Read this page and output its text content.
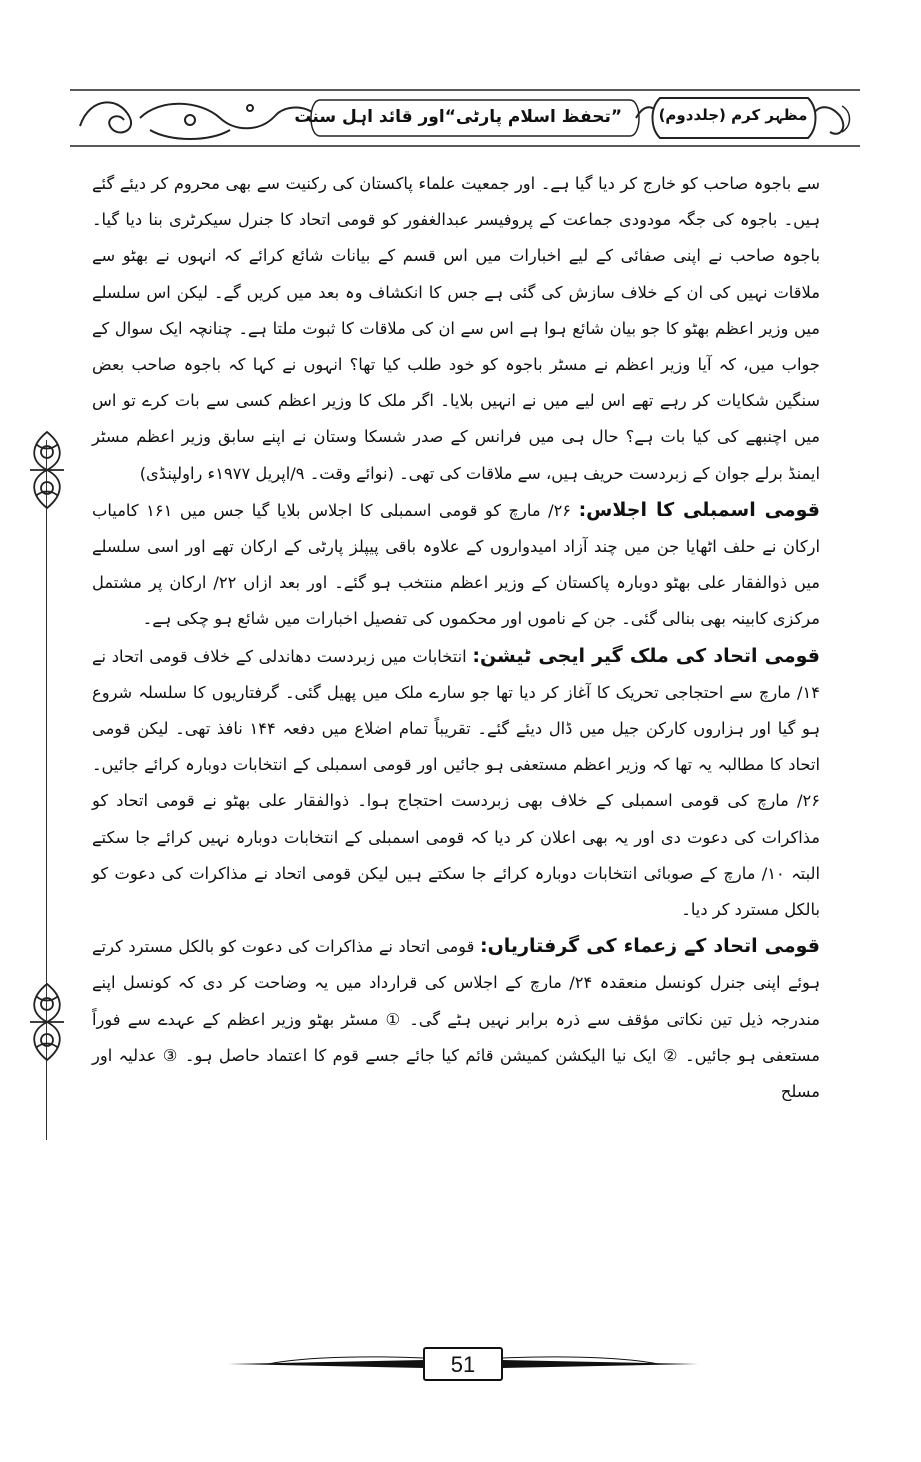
”تحفظ اسلام پارٹی“اور قائد اہل سنت مظہر کرم (جلددوم)

سے باجوہ صاحب کو خارج کر دیا گیا ہے۔ اور جمعیت علماء پاکستان کی رکنیت سے بھی محروم کر دیئے گئے ہیں۔ باجوہ کی جگہ مودودی جماعت کے پروفیسر عبدالغفور کو قومی اتحاد کا جنرل سیکرٹری بنا دیا گیا۔ باجوہ صاحب نے اپنی صفائی کے لیے اخبارات میں اس قسم کے بیانات شائع کرائے کہ انہوں نے بھٹو سے ملاقات نہیں کی ان کے خلاف سازش کی گئی ہے جس کا انکشاف وہ بعد میں کریں گے۔ لیکن اس سلسلے میں وزیر اعظم بھٹو کا جو بیان شائع ہوا ہے اس سے ان کی ملاقات کا ثبوت ملتا ہے۔ چنانچہ ایک سوال کے جواب میں، کہ آیا وزیر اعظم نے مسٹر باجوہ کو خود طلب کیا تھا؟ انہوں نے کہا کہ باجوہ صاحب بعض سنگین شکایات کر رہے تھے اس لیے میں نے انہیں بلایا۔ اگر ملک کا وزیر اعظم کسی سے بات کرے تو اس میں اچنبھے کی کیا بات ہے؟ حال ہی میں فرانس کے صدر شسکا وستان نے اپنے سابق وزیر اعظم مسٹر ایمنڈ برلے جوان کے زبردست حریف ہیں، سے ملاقات کی تھی۔ (نوائے وقت۔ ۹/اپریل ۱۹۷۷ء راولپنڈی)

قومی اسمبلی کا اجلاس: ۲۶/ مارچ کو قومی اسمبلی کا اجلاس بلایا گیا جس میں ۱۶۱ کامیاب ارکان نے حلف اٹھایا جن میں چند آزاد امیدواروں کے علاوہ باقی پیپلز پارٹی کے ارکان تھے اور اسی سلسلے میں ذوالفقار علی بھٹو دوبارہ پاکستان کے وزیر اعظم منتخب ہو گئے۔ اور بعد ازاں ۲۲/ ارکان پر مشتمل مرکزی کابینہ بھی بنالی گئی۔ جن کے ناموں اور محکموں کی تفصیل اخبارات میں شائع ہو چکی ہے۔

قومی اتحاد کی ملک گیر ایجی ٹیشن: انتخابات میں زبردست دھاندلی کے خلاف قومی اتحاد نے ۱۴/ مارچ سے احتجاجی تحریک کا آغاز کر دیا تھا جو سارے ملک میں پھیل گئی۔ گرفتاریوں کا سلسلہ شروع ہو گیا اور ہزاروں کارکن جیل میں ڈال دیئے گئے۔ تقریباً تمام اضلاع میں دفعہ ۱۴۴ نافذ تھی۔ لیکن قومی اتحاد کا مطالبہ یہ تھا کہ وزیر اعظم مستعفی ہو جائیں اور قومی اسمبلی کے انتخابات دوبارہ کرائے جائیں۔ ۲۶/ مارچ کی قومی اسمبلی کے خلاف بھی زبردست احتجاج ہوا۔ ذوالفقار علی بھٹو نے قومی اتحاد کو مذاکرات کی دعوت دی اور یہ بھی اعلان کر دیا کہ قومی اسمبلی کے انتخابات دوبارہ نہیں کرائے جا سکتے البتہ ۱۰/ مارچ کے صوبائی انتخابات دوبارہ کرائے جا سکتے ہیں لیکن قومی اتحاد نے مذاکرات کی دعوت کو بالکل مسترد کر دیا۔

قومی اتحاد کے زعماء کی گرفتاریاں: قومی اتحاد نے مذاکرات کی دعوت کو بالکل مسترد کرتے ہوئے اپنی جنرل کونسل منعقدہ ۲۴/ مارچ کے اجلاس کی قرارداد میں یہ وضاحت کر دی کہ کونسل اپنے مندرجہ ذیل تین نکاتی مؤقف سے ذرہ برابر نہیں ہٹے گی۔ ① مسٹر بھٹو وزیر اعظم کے عہدے سے فوراً مستعفی ہو جائیں۔ ② ایک نیا الیکشن کمیشن قائم کیا جائے جسے قوم کا اعتماد حاصل ہو۔ ③ عدلیہ اور مسلح

51
